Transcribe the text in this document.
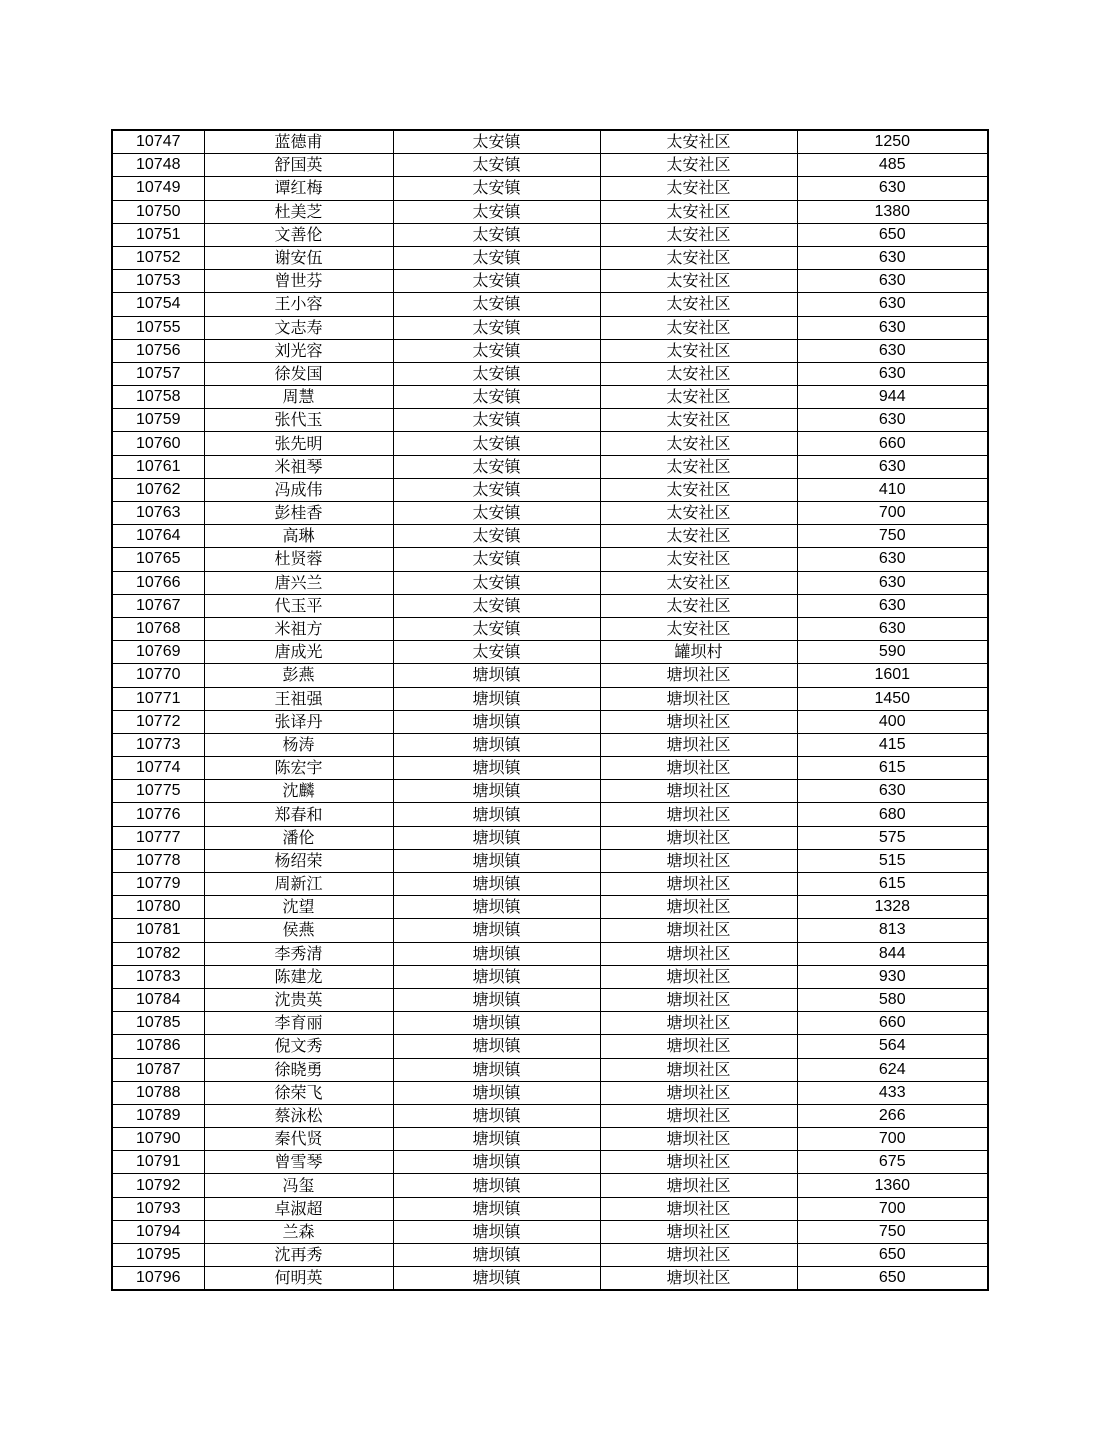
10747	蓝德甫	太安镇	太安社区	1250
10748	舒国英	太安镇	太安社区	485
10749	谭红梅	太安镇	太安社区	630
10750	杜美芝	太安镇	太安社区	1380
10751	文善伦	太安镇	太安社区	650
10752	谢安伍	太安镇	太安社区	630
10753	曾世芬	太安镇	太安社区	630
10754	王小容	太安镇	太安社区	630
10755	文志寿	太安镇	太安社区	630
10756	刘光容	太安镇	太安社区	630
10757	徐发国	太安镇	太安社区	630
10758	周慧	太安镇	太安社区	944
10759	张代玉	太安镇	太安社区	630
10760	张先明	太安镇	太安社区	660
10761	米祖琴	太安镇	太安社区	630
10762	冯成伟	太安镇	太安社区	410
10763	彭桂香	太安镇	太安社区	700
10764	高琳	太安镇	太安社区	750
10765	杜贤蓉	太安镇	太安社区	630
10766	唐兴兰	太安镇	太安社区	630
10767	代玉平	太安镇	太安社区	630
10768	米祖方	太安镇	太安社区	630
10769	唐成光	太安镇	罐坝村	590
10770	彭燕	塘坝镇	塘坝社区	1601
10771	王祖强	塘坝镇	塘坝社区	1450
10772	张译丹	塘坝镇	塘坝社区	400
10773	杨涛	塘坝镇	塘坝社区	415
10774	陈宏宇	塘坝镇	塘坝社区	615
10775	沈麟	塘坝镇	塘坝社区	630
10776	郑春和	塘坝镇	塘坝社区	680
10777	潘伦	塘坝镇	塘坝社区	575
10778	杨绍荣	塘坝镇	塘坝社区	515
10779	周新江	塘坝镇	塘坝社区	615
10780	沈望	塘坝镇	塘坝社区	1328
10781	侯燕	塘坝镇	塘坝社区	813
10782	李秀清	塘坝镇	塘坝社区	844
10783	陈建龙	塘坝镇	塘坝社区	930
10784	沈贵英	塘坝镇	塘坝社区	580
10785	李育丽	塘坝镇	塘坝社区	660
10786	倪文秀	塘坝镇	塘坝社区	564
10787	徐晓勇	塘坝镇	塘坝社区	624
10788	徐荣飞	塘坝镇	塘坝社区	433
10789	蔡泳松	塘坝镇	塘坝社区	266
10790	秦代贤	塘坝镇	塘坝社区	700
10791	曾雪琴	塘坝镇	塘坝社区	675
10792	冯玺	塘坝镇	塘坝社区	1360
10793	卓淑超	塘坝镇	塘坝社区	700
10794	兰森	塘坝镇	塘坝社区	750
10795	沈再秀	塘坝镇	塘坝社区	650
10796	何明英	塘坝镇	塘坝社区	650
